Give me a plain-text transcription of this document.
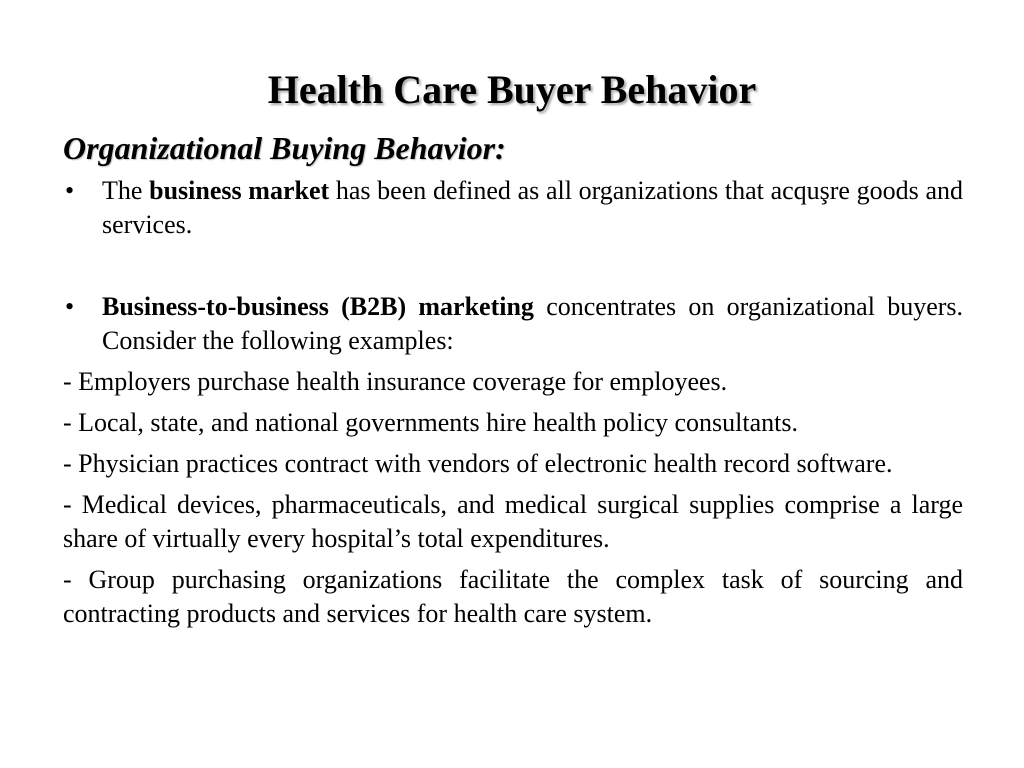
Health Care Buyer Behavior
Organizational Buying Behavior:
•	The business market has been defined as all organizations that acquşre goods and services.
•	Business-to-business (B2B) marketing concentrates on organizational buyers. Consider the following examples:
- Employers purchase health insurance coverage for employees.
- Local, state, and national governments hire health policy consultants.
- Physician practices contract with vendors of electronic health record software.
- Medical devices, pharmaceuticals, and medical surgical supplies comprise a large share of virtually every hospital’s total expenditures.
- Group purchasing organizations facilitate the complex task of sourcing and contracting products and services for health care system.
